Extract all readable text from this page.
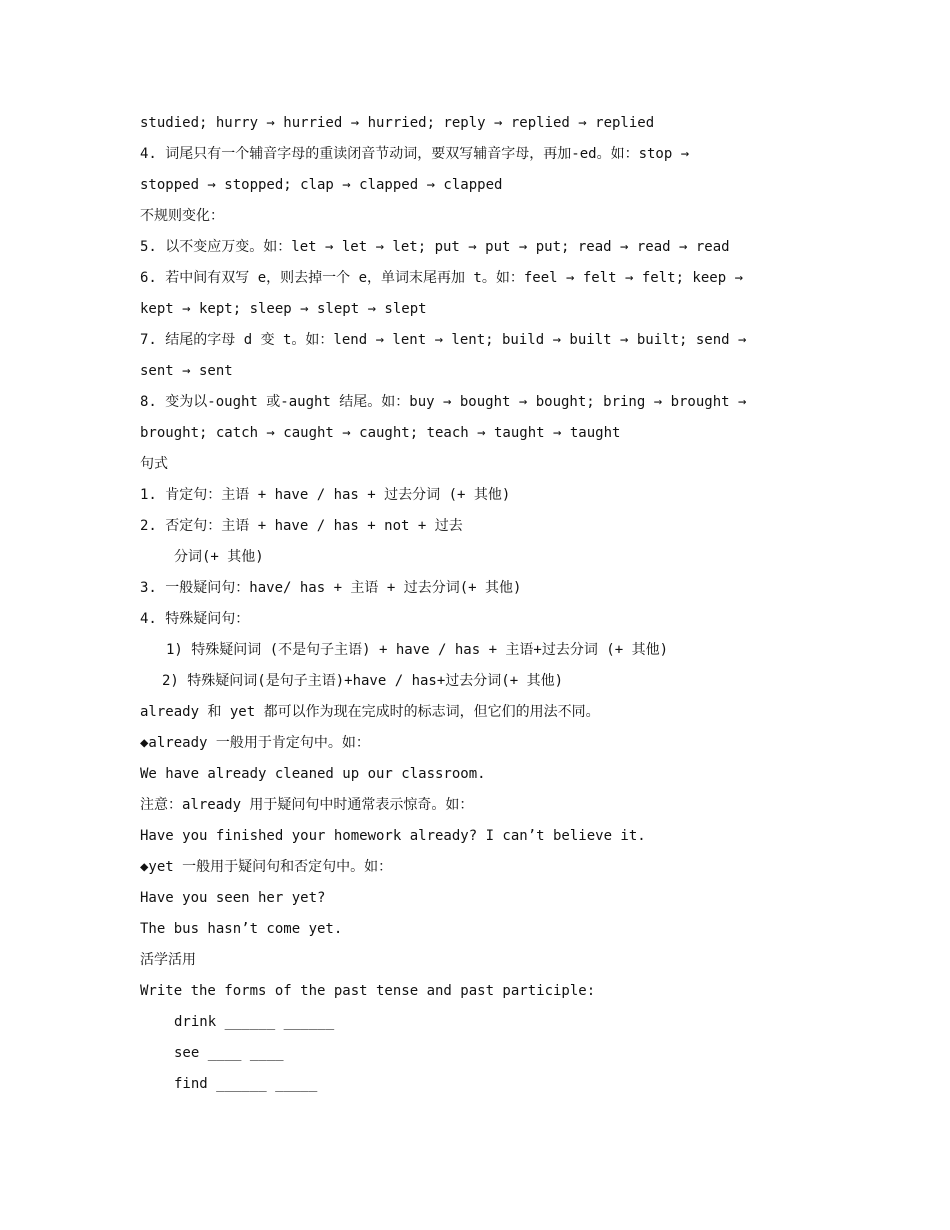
studied; hurry → hurried → hurried; reply → replied → replied
4. 词尾只有一个辅音字母的重读闭音节动词，要双写辅音字母，再加-ed。如：stop →
stopped → stopped; clap → clapped → clapped
不规则变化：
5. 以不变应万变。如：let → let → let; put → put → put; read → read → read
6. 若中间有双写 e，则去掉一个 e，单词末尾再加 t。如：feel → felt → felt; keep →
kept → kept; sleep → slept → slept
7. 结尾的字母 d 变 t。如：lend → lent → lent; build → built → built; send →
sent → sent
8. 变为以-ought 或-aught 结尾。如：buy → bought → bought; bring → brought →
brought; catch → caught → caught; teach → taught → taught
句式
1. 肯定句：主语 + have / has + 过去分词 (+ 其他)
2. 否定句：主语 + have / has + not + 过去
分词(+ 其他)
3. 一般疑问句：have/ has + 主语 + 过去分词(+ 其他)
4. 特殊疑问句：
1) 特殊疑问词 (不是句子主语) + have / has + 主语+过去分词 (+ 其他)
2) 特殊疑问词(是句子主语)+have / has+过去分词(+ 其他)
already 和 yet 都可以作为现在完成时的标志词，但它们的用法不同。
◆already 一般用于肯定句中。如：
We have already cleaned up our classroom.
注意：already 用于疑问句中时通常表示惊奇。如：
Have you finished your homework already? I can’t believe it.
◆yet 一般用于疑问句和否定句中。如：
Have you seen her yet?
The bus hasn’t come yet.
活学活用
Write the forms of the past tense and past participle:
drink ______ ______
see ____ ____
find ______ _____
